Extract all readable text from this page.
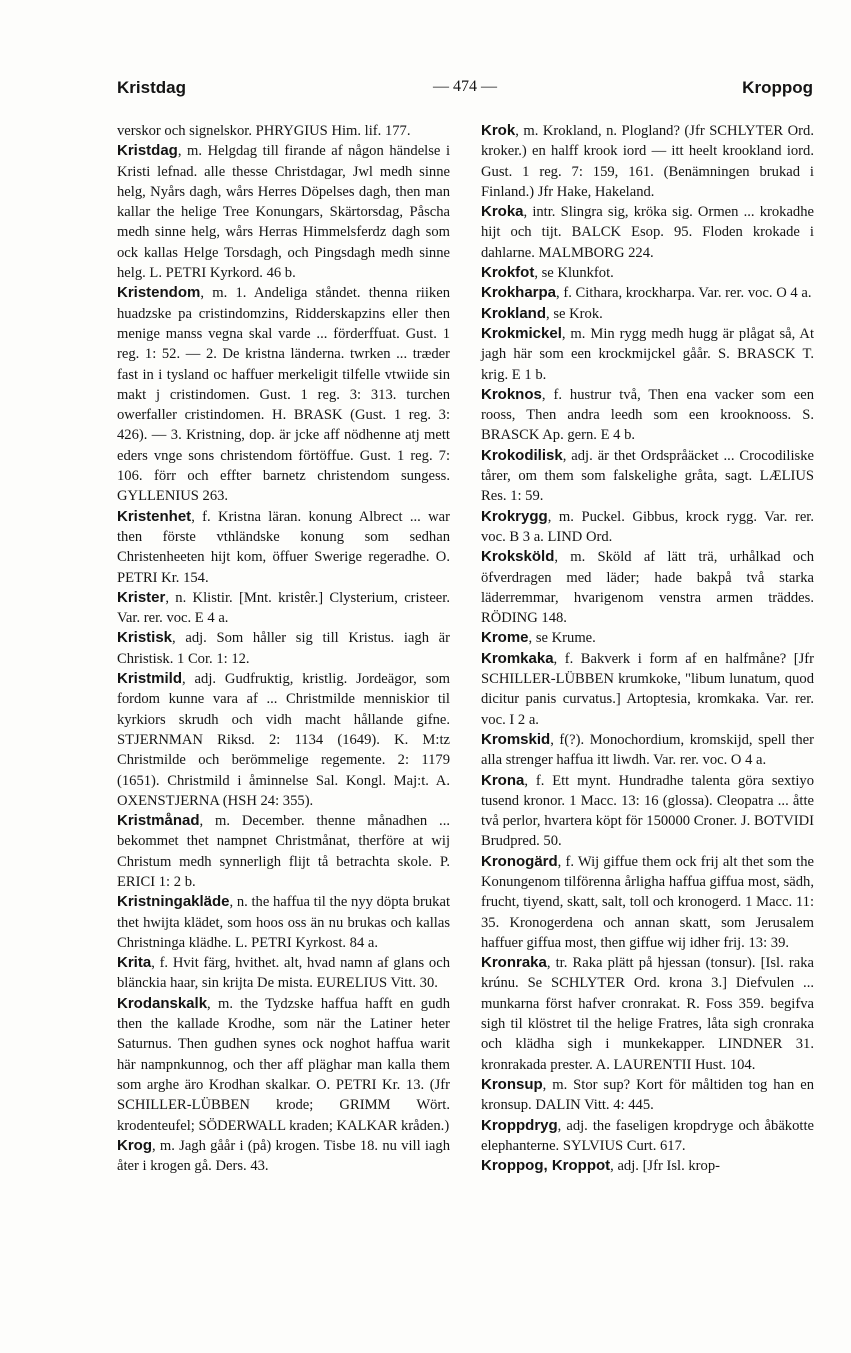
Kristdag	— 474 —	Kroppog

verskor och signelskor. PHRYGIUS Him. lif. 177.

Kristdag, m. Helgdag till firande af någon händelse i Kristi lefnad. alle thesse Christdagar, Jwl medh sinne helg, Nyårs dagh, wårs Herres Döpelses dagh, then man kallar the helige Tree Konungars, Skärtorsdag, Påscha medh sinne helg, wårs Herras Himmelsferdz dagh som ock kallas Helge Torsdagh, och Pingsdagh medh sinne helg. L. PETRI Kyrkord. 46 b.

Kristendom, m. 1. Andeliga ståndet. thenna riiken huadzske pa cristindomzins, Ridderskapzins eller then menige manss vegna skal varde ... förderffuat. Gust. 1 reg. 1: 52. — 2. De kristna länderna. twrken ... træder fast in i tysland oc haffuer merkeligit tilfelle vtwiide sin makt j cristindomen. Gust. 1 reg. 3: 313. turchen owerfaller cristindomen. H. BRASK (Gust. 1 reg. 3: 426). — 3. Kristning, dop. är jcke aff nödhenne atj mett eders vnge sons christendom förtöffue. Gust. 1 reg. 7: 106. förr och effter barnetz christendom sungess. GYLLENIUS 263.

Kristenhet, f. Kristna läran. konung Albrect ... war then förste vthländske konung som sedhan Christenheeten hijt kom, öffuer Swerige regeradhe. O. PETRI Kr. 154.

Krister, n. Klistir. [Mnt. kristêr.] Clysterium, cristeer. Var. rer. voc. E 4 a.

Kristisk, adj. Som håller sig till Kristus. iagh är Christisk. 1 Cor. 1: 12.

Kristmild, adj. Gudfruktig, kristlig. Jordeägor, som fordom kunne vara af ... Christmilde menniskior til kyrkiors skrudh och vidh macht hållande gifne. STJERNMAN Riksd. 2: 1134 (1649). K. M:tz Christmilde och berömmelige regemente. 2: 1179 (1651). Christmild i åminnelse Sal. Kongl. Maj:t. A. OXENSTJERNA (HSH 24: 355).

Kristmånad, m. December. thenne månadhen ... bekommet thet nampnet Christmånat, therföre at wij Christum medh synnerligh flijt tå betrachta skole. P. ERICI 1: 2 b.

Kristningakläde, n. the haffua til the nyy döpta brukat thet hwijta klädet, som hoos oss än nu brukas och kallas Christninga klädhe. L. PETRI Kyrkost. 84 a.

Krita, f. Hvit färg, hvithet. alt, hvad namn af glans och blänckia haar, sin krijta De mista. EURELIUS Vitt. 30.

Krodanskalk, m. the Tydzske haffua hafft en gudh then the kallade Krodhe, som när the Latiner heter Saturnus. Then gudhen synes ock noghot haffua warit här nampnkunnog, och ther aff pläghar man kalla them som arghe äro Krodhan skalkar. O. PETRI Kr. 13. (Jfr SCHILLER-LÜBBEN krode; GRIMM Wört. krodenteufel; SÖDERWALL kraden; KALKAR kråden.)

Krog, m. Jagh gåår i (på) krogen. Tisbe 18. nu vill iagh åter i krogen gå. Ders. 43.

Krok, m. Krokland, n. Plogland? (Jfr SCHLYTER Ord. kroker.) en halff krook iord — itt heelt krookland iord. Gust. 1 reg. 7: 159, 161. (Benämningen brukad i Finland.) Jfr Hake, Hakeland.

Kroka, intr. Slingra sig, kröka sig. Ormen ... krokadhe hijt och tijt. BALCK Esop. 95. Floden krokade i dahlarne. MALMBORG 224.

Krokfot, se Klunkfot.

Krokharpa, f. Cithara, krockharpa. Var. rer. voc. O 4 a.

Krokland, se Krok.

Krokmickel, m. Min rygg medh hugg är plågat så, At jagh här som een krockmijckel gåår. S. BRASCK T. krig. E 1 b.

Kroknos, f. hustrur två, Then ena vacker som een rooss, Then andra leedh som een krooknooss. S. BRASCK Ap. gern. E 4 b.

Krokodilisk, adj. är thet Ordspråäcket ... Crocodiliske tårer, om them som falskelighe gråta, sagt. LÆLIUS Res. 1: 59.

Krokrygg, m. Puckel. Gibbus, krock rygg. Var. rer. voc. B 3 a. LIND Ord.

Kroksköld, m. Sköld af lätt trä, urhålkad och öfverdragen med läder; hade bakpå två starka läderremmar, hvarigenom venstra armen träddes. RÖDING 148.

Krome, se Krume.

Kromkaka, f. Bakverk i form af en halfmåne? [Jfr SCHILLER-LÜBBEN krumkoke, "libum lunatum, quod dicitur panis curvatus.] Artoptesia, kromkaka. Var. rer. voc. I 2 a.

Kromskid, f(?). Monochordium, kromskijd, spell ther alla strenger haffua itt liwdh. Var. rer. voc. O 4 a.

Krona, f. Ett mynt. Hundradhe talenta göra sextiyo tusend kronor. 1 Macc. 13: 16 (glossa). Cleopatra ... åtte två perlor, hvartera köpt för 150000 Croner. J. BOTVIDI Brudpred. 50.

Kronogärd, f. Wij giffue them ock frij alt thet som the Konungenom tilförenna årligha haffua giffua most, sädh, frucht, tiyend, skatt, salt, toll och kronogerd. 1 Macc. 11: 35. Kronogerdena och annan skatt, som Jerusalem haffuer giffua most, then giffue wij idher frij. 13: 39.

Kronraka, tr. Raka plätt på hjessan (tonsur). [Isl. raka krúnu. Se SCHLYTER Ord. krona 3.] Diefvulen ... munkarna först hafver cronrakat. R. Foss 359. begifva sigh til klöstret til the helige Fratres, låta sigh cronraka och klädha sigh i munkekapper. LINDNER 31. kronrakada prester. A. LAURENTII Hust. 104.

Kronsup, m. Stor sup? Kort för måltiden tog han en kronsup. DALIN Vitt. 4: 445.

Kroppdryg, adj. the faseligen kropdryge och åbäkotte elephanterne. SYLVIUS Curt. 617.

Kroppog, Kroppot, adj. [Jfr Isl. krop-
